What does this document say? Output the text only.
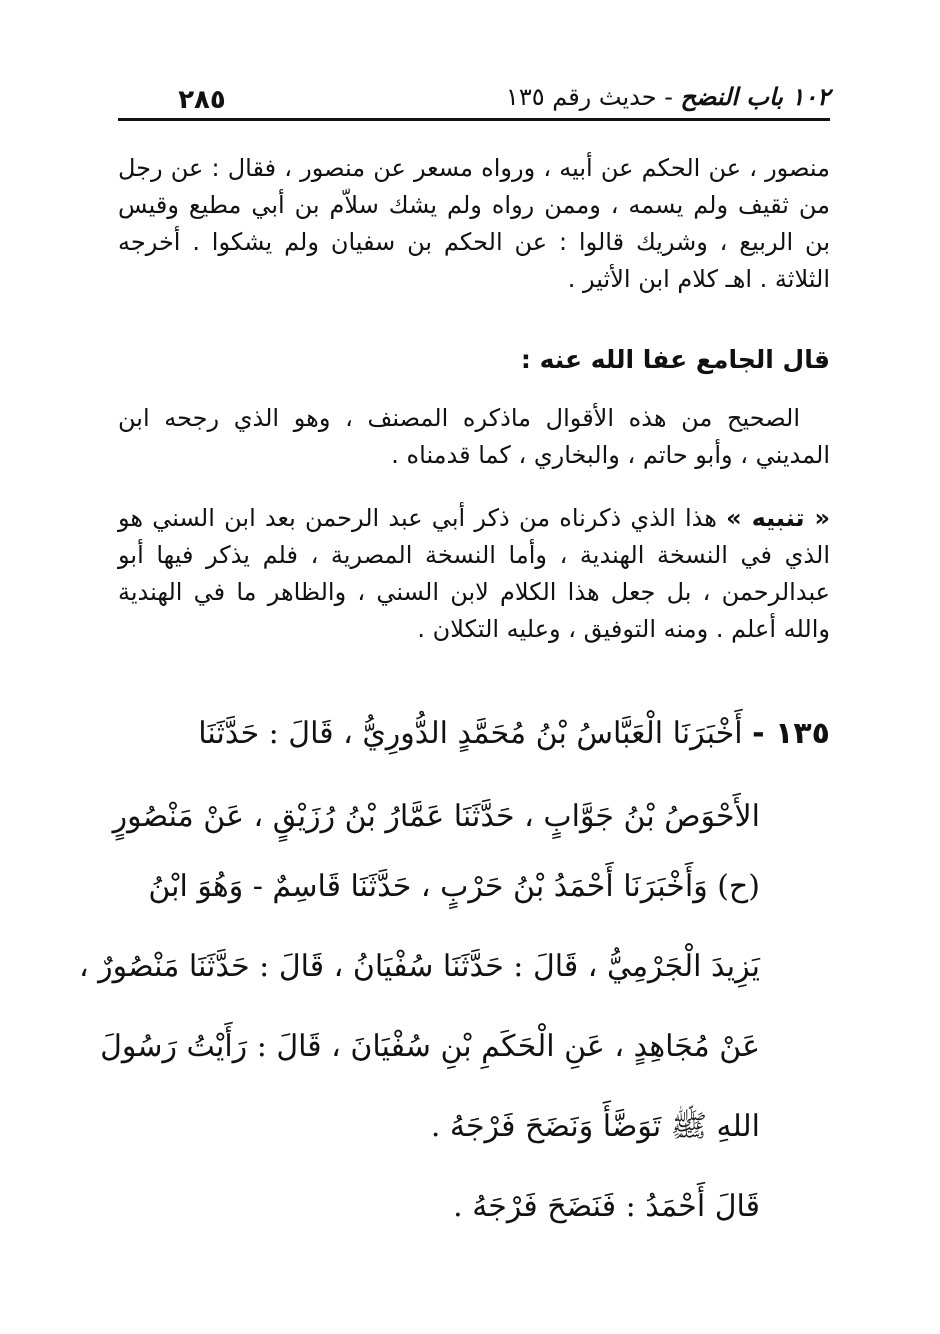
٢٨٥	١٠٢ باب النضح - حديث رقم ١٣٥
منصور ، عن الحكم عن أبيه ، ورواه مسعر عن منصور ، فقال : عن رجل من ثقيف ولم يسمه ، وممن رواه ولم يشك سلاّم بن أبي مطيع وقيس بن الربيع ، وشريك قالوا : عن الحكم بن سفيان ولم يشكوا . أخرجه الثلاثة . اهـ كلام ابن الأثير .
قال الجامع عفا الله عنه :
الصحيح من هذه الأقوال ماذكره المصنف ، وهو الذي رجحه ابن المديني ، وأبو حاتم ، والبخاري ، كما قدمناه .
« تنبيه » هذا الذي ذكرناه من ذكر أبي عبد الرحمن بعد ابن السني هو الذي في النسخة الهندية ، وأما النسخة المصرية ، فلم يذكر فيها أبو عبدالرحمن ، بل جعل هذا الكلام لابن السني ، والظاهر ما في الهندية والله أعلم . ومنه التوفيق ، وعليه التكلان .
١٣٥ - أَخْبَرَنَا الْعَبَّاسُ بْنُ مُحَمَّدٍ الدُّورِيُّ ، قَالَ : حَدَّثَنَا
الأَحْوَصُ بْنُ جَوَّابٍ ، حَدَّثَنَا عَمَّارُ بْنُ رُزَيْقٍ ، عَنْ مَنْصُورٍ
(ح) وَأَخْبَرَنَا أَحْمَدُ بْنُ حَرْبٍ ، حَدَّثَنَا قَاسِمٌ - وَهُوَ ابْنُ
يَزِيدَ الْجَرْمِيُّ ، قَالَ : حَدَّثَنَا سُفْيَانُ ، قَالَ : حَدَّثَنَا مَنْصُورٌ ،
عَنْ مُجَاهِدٍ ، عَنِ الْحَكَمِ بْنِ سُفْيَانَ ، قَالَ : رَأَيْتُ رَسُولَ
اللهِ ﷺ تَوَضَّأَ وَنَضَحَ فَرْجَهُ .
قَالَ أَحْمَدُ : فَنَضَحَ فَرْجَهُ .
